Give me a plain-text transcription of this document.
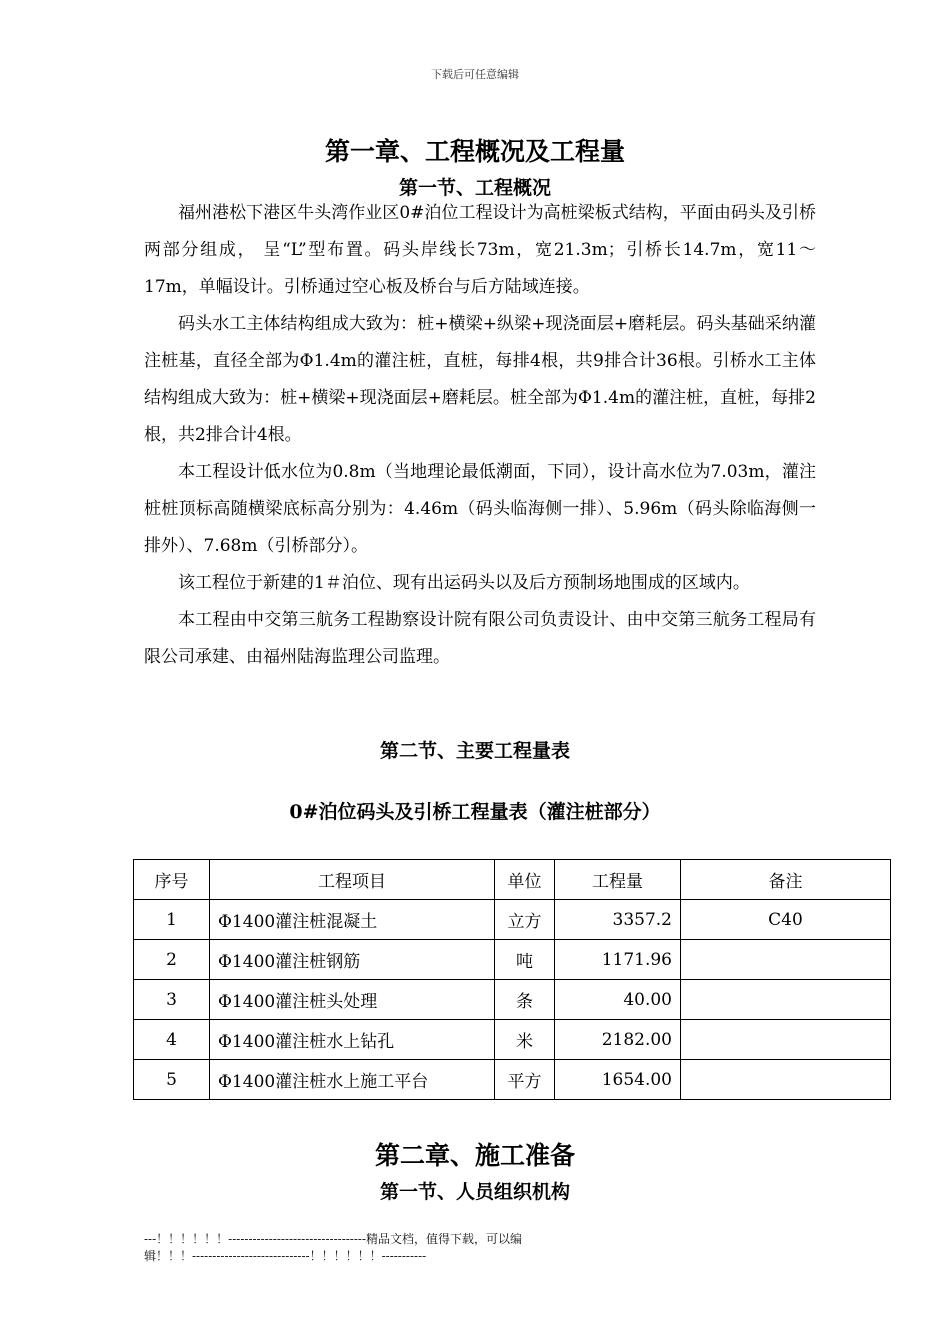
下载后可任意编辑
第一章、工程概况及工程量
第一节、工程概况

福州港松下港区牛头湾作业区0#泊位工程设计为高桩梁板式结构，平面由码头及引桥两部分组成， 呈“L”型布置。码头岸线长73m，宽21.3m；引桥长14.7m，宽11～17m，单幅设计。引桥通过空心板及桥台与后方陆域连接。

码头水工主体结构组成大致为：桩+横梁+纵梁+现浇面层+磨耗层。码头基础采纳灌注桩基，直径全部为Φ1.4m的灌注桩，直桩，每排4根，共9排合计36根。引桥水工主体结构组成大致为：桩+横梁+现浇面层+磨耗层。桩全部为Φ1.4m的灌注桩，直桩，每排2根，共2排合计4根。

本工程设计低水位为0.8m（当地理论最低潮面，下同），设计高水位为7.03m，灌注桩桩顶标高随横梁底标高分别为：4.46m（码头临海侧一排）、5.96m（码头除临海侧一排外）、7.68m（引桥部分）。

该工程位于新建的1＃泊位、现有出运码头以及后方预制场地围成的区域内。

本工程由中交第三航务工程勘察设计院有限公司负责设计、由中交第三航务工程局有限公司承建、由福州陆海监理公司监理。

第二节、主要工程量表
0#泊位码头及引桥工程量表（灌注桩部分）
序号	工程项目	单位	工程量	备注
1	Φ1400灌注桩混凝土	立方	3357.2	C40
2	Φ1400灌注桩钢筋	吨	1171.96	
3	Φ1400灌注桩头处理	条	40.00	
4	Φ1400灌注桩水上钻孔	米	2182.00	
5	Φ1400灌注桩水上施工平台	平方	1654.00	
第二章、施工准备
第一节、人员组织机构
---！！！！！！----------------------------------精品文档，值得下载，可以编
辑！！！-----------------------------！！！！！！-----------
